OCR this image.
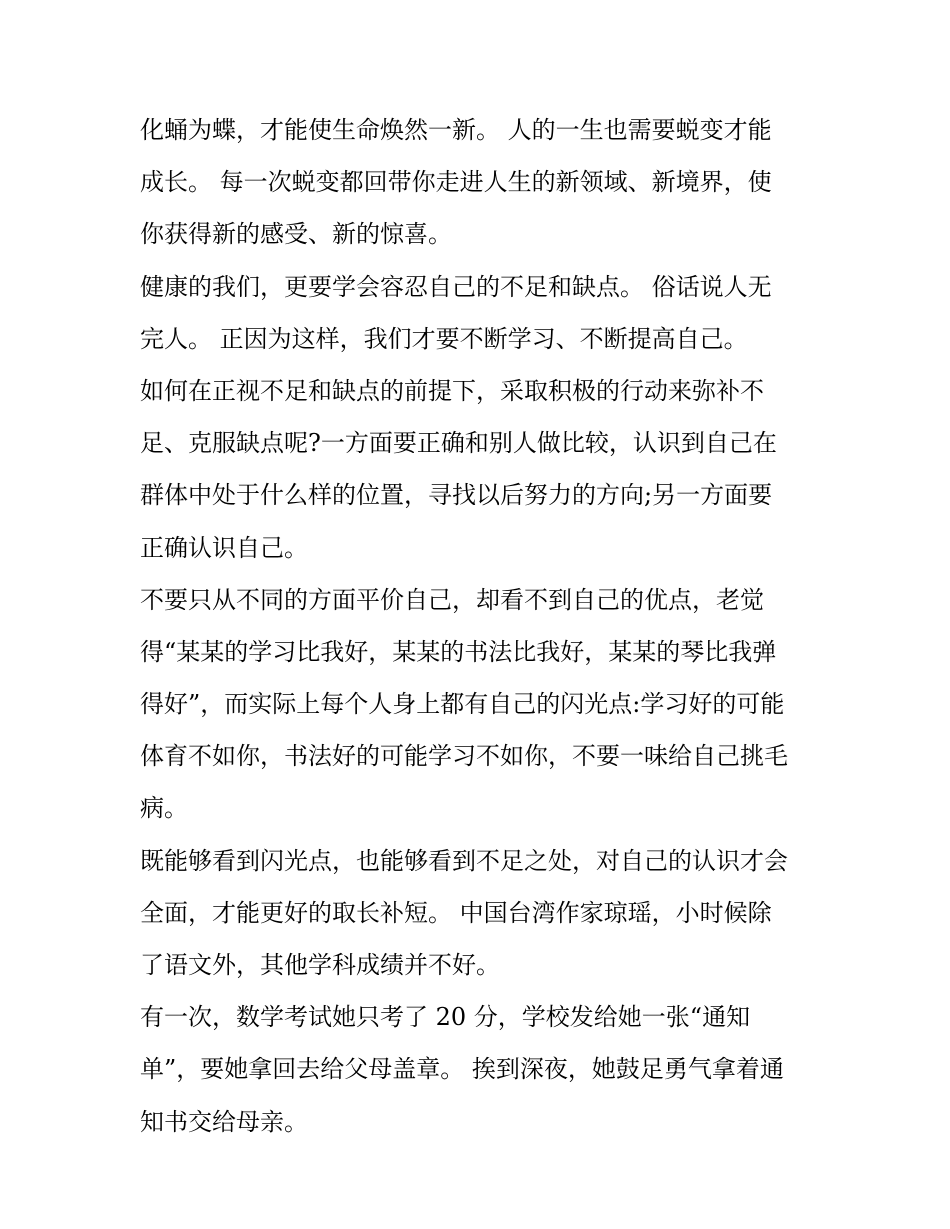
化蛹为蝶，才能使生命焕然一新。 人的一生也需要蜕变才能
成长。 每一次蜕变都回带你走进人生的新领域、新境界，使
你获得新的感受、新的惊喜。
健康的我们，更要学会容忍自己的不足和缺点。 俗话说人无
完人。 正因为这样，我们才要不断学习、不断提高自己。
如何在正视不足和缺点的前提下，采取积极的行动来弥补不
足、克服缺点呢?一方面要正确和别人做比较，认识到自己在
群体中处于什么样的位置，寻找以后努力的方向;另一方面要
正确认识自己。
不要只从不同的方面平价自己，却看不到自己的优点，老觉
得“某某的学习比我好，某某的书法比我好，某某的琴比我弹
得好”，而实际上每个人身上都有自己的闪光点:学习好的可能
体育不如你，书法好的可能学习不如你，不要一味给自己挑毛
病。
既能够看到闪光点，也能够看到不足之处，对自己的认识才会
全面，才能更好的取长补短。 中国台湾作家琼瑶，小时候除
了语文外，其他学科成绩并不好。
有一次，数学考试她只考了 20 分，学校发给她一张“通知
单”，要她拿回去给父母盖章。 挨到深夜，她鼓足勇气拿着通
知书交给母亲。
